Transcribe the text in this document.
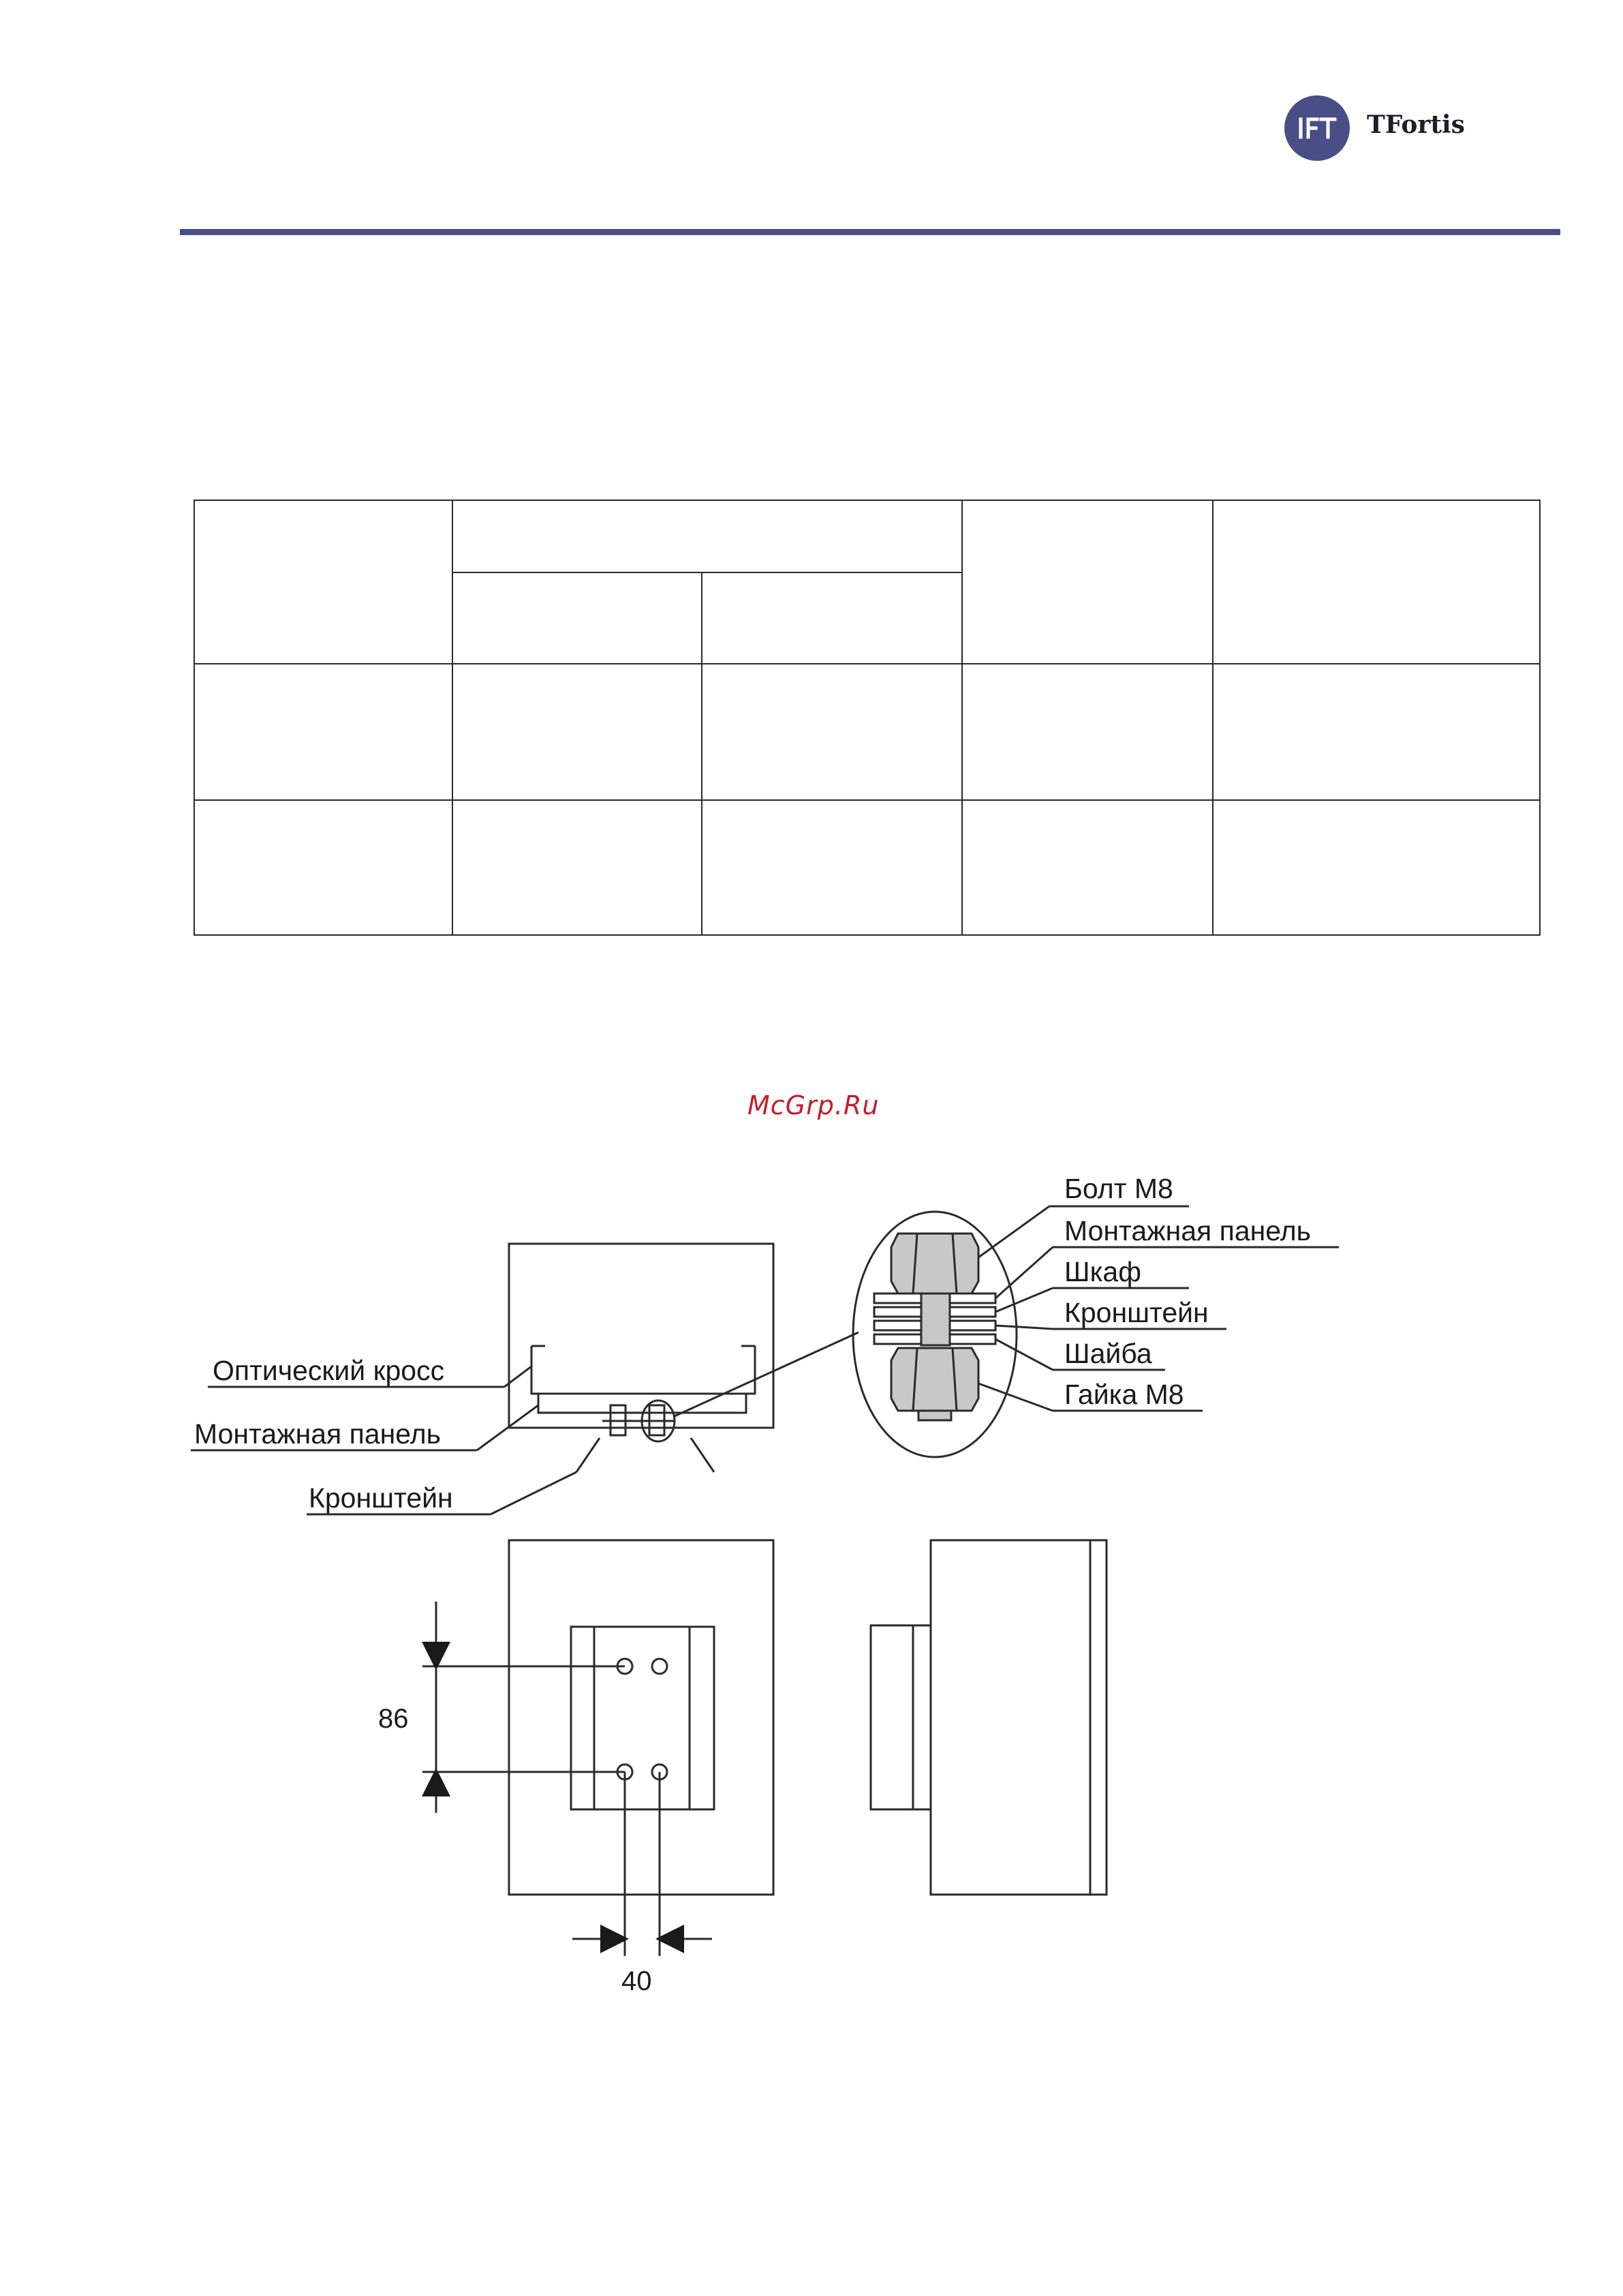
TFortis

McGrp.Ru
Болт М8
Монтажная панель
Шкаф
Кронштейн
Шайба
Гайка М8
Оптический кросс
Монтажная панель
Кронштейн
86
40
